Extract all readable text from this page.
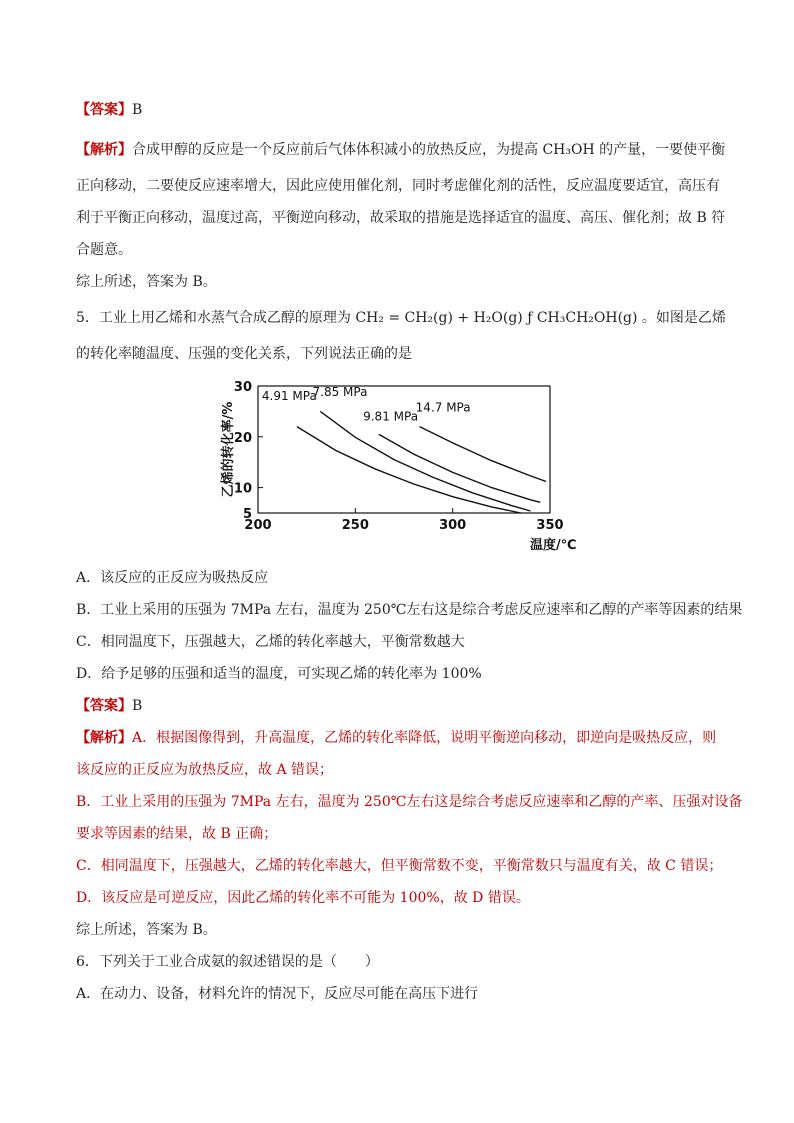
【答案】B
【解析】合成甲醇的反应是一个反应前后气体体积减小的放热反应，为提高 CH₃OH 的产量，一要使平衡
正向移动，二要使反应速率增大，因此应使用催化剂，同时考虑催化剂的活性，反应温度要适宜，高压有
利于平衡正向移动，温度过高，平衡逆向移动，故采取的措施是选择适宜的温度、高压、催化剂；故 B 符
合题意。
综上所述，答案为 B。
5．工业上用乙烯和水蒸气合成乙醇的原理为 CH₂ = CH₂(g) + H₂O(g) ƒ CH₃CH₂OH(g) 。如图是乙烯
的转化率随温度、压强的变化关系，下列说法正确的是
200	250	300	350
5
10
20
30
4.91 MPa
7.85 MPa
9.81 MPa
14.7 MPa
温度/℃
乙烯的转化率/%
A．该反应的正反应为吸热反应
B．工业上采用的压强为 7MPa 左右，温度为 250℃左右这是综合考虑反应速率和乙醇的产率等因素的结果
C．相同温度下，压强越大，乙烯的转化率越大，平衡常数越大
D．给予足够的压强和适当的温度，可实现乙烯的转化率为 100%
【答案】B
【解析】A．根据图像得到，升高温度，乙烯的转化率降低，说明平衡逆向移动，即逆向是吸热反应，则
该反应的正反应为放热反应，故 A 错误；
B．工业上采用的压强为 7MPa 左右，温度为 250℃左右这是综合考虑反应速率和乙醇的产率、压强对设备
要求等因素的结果，故 B 正确；
C．相同温度下，压强越大，乙烯的转化率越大，但平衡常数不变，平衡常数只与温度有关，故 C 错误；
D．该反应是可逆反应，因此乙烯的转化率不可能为 100%，故 D 错误。
综上所述，答案为 B。
6．下列关于工业合成氨的叙述错误的是（　　）
A．在动力、设备，材料允许的情况下，反应尽可能在高压下进行
